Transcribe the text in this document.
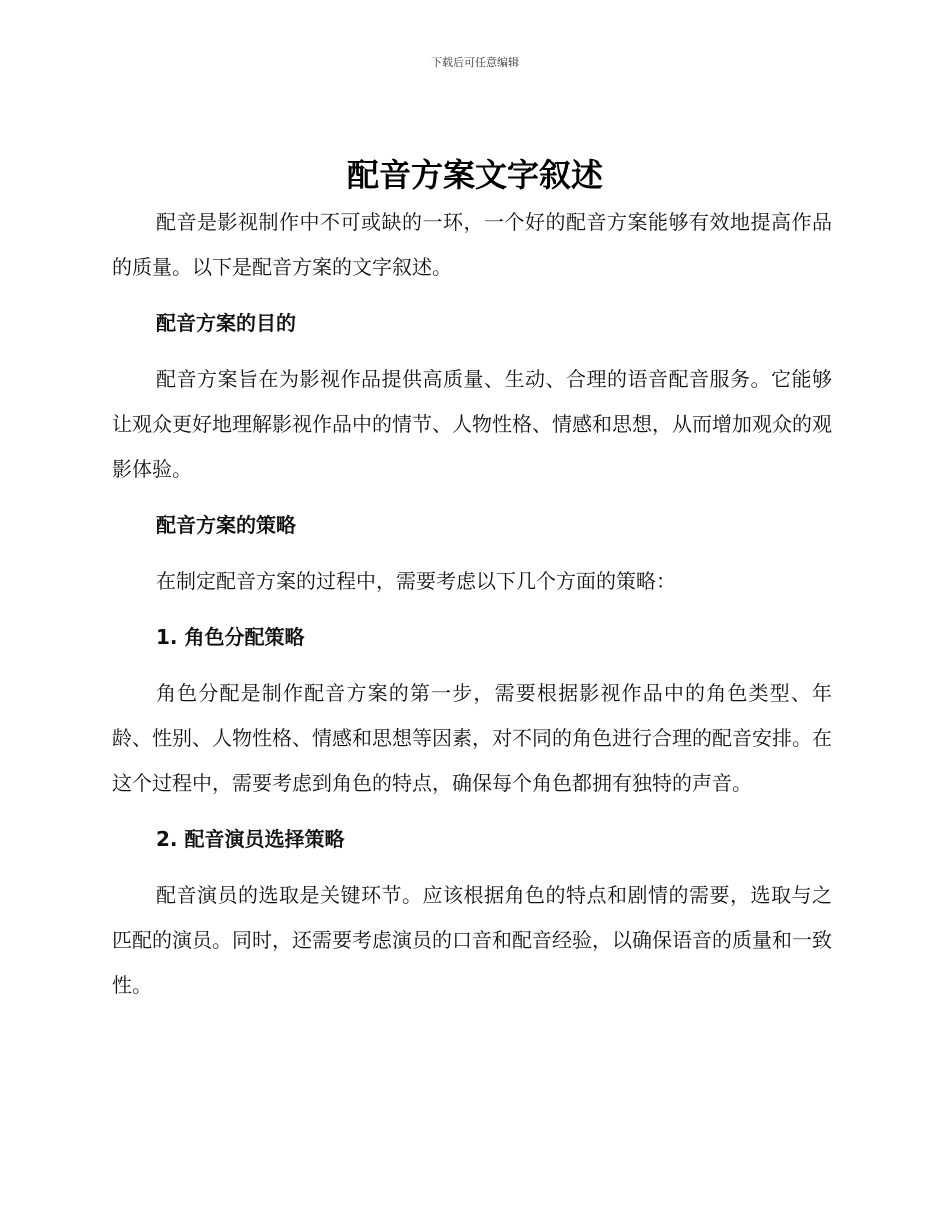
下载后可任意编辑
配音方案文字叙述

配音是影视制作中不可或缺的一环，一个好的配音方案能够有效地提高作品的质量。以下是配音方案的文字叙述。

配音方案的目的

配音方案旨在为影视作品提供高质量、生动、合理的语音配音服务。它能够让观众更好地理解影视作品中的情节、人物性格、情感和思想，从而增加观众的观影体验。

配音方案的策略

在制定配音方案的过程中，需要考虑以下几个方面的策略：

1. 角色分配策略

角色分配是制作配音方案的第一步，需要根据影视作品中的角色类型、年龄、性别、人物性格、情感和思想等因素，对不同的角色进行合理的配音安排。在这个过程中，需要考虑到角色的特点，确保每个角色都拥有独特的声音。

2. 配音演员选择策略

配音演员的选取是关键环节。应该根据角色的特点和剧情的需要，选取与之匹配的演员。同时，还需要考虑演员的口音和配音经验，以确保语音的质量和一致性。
